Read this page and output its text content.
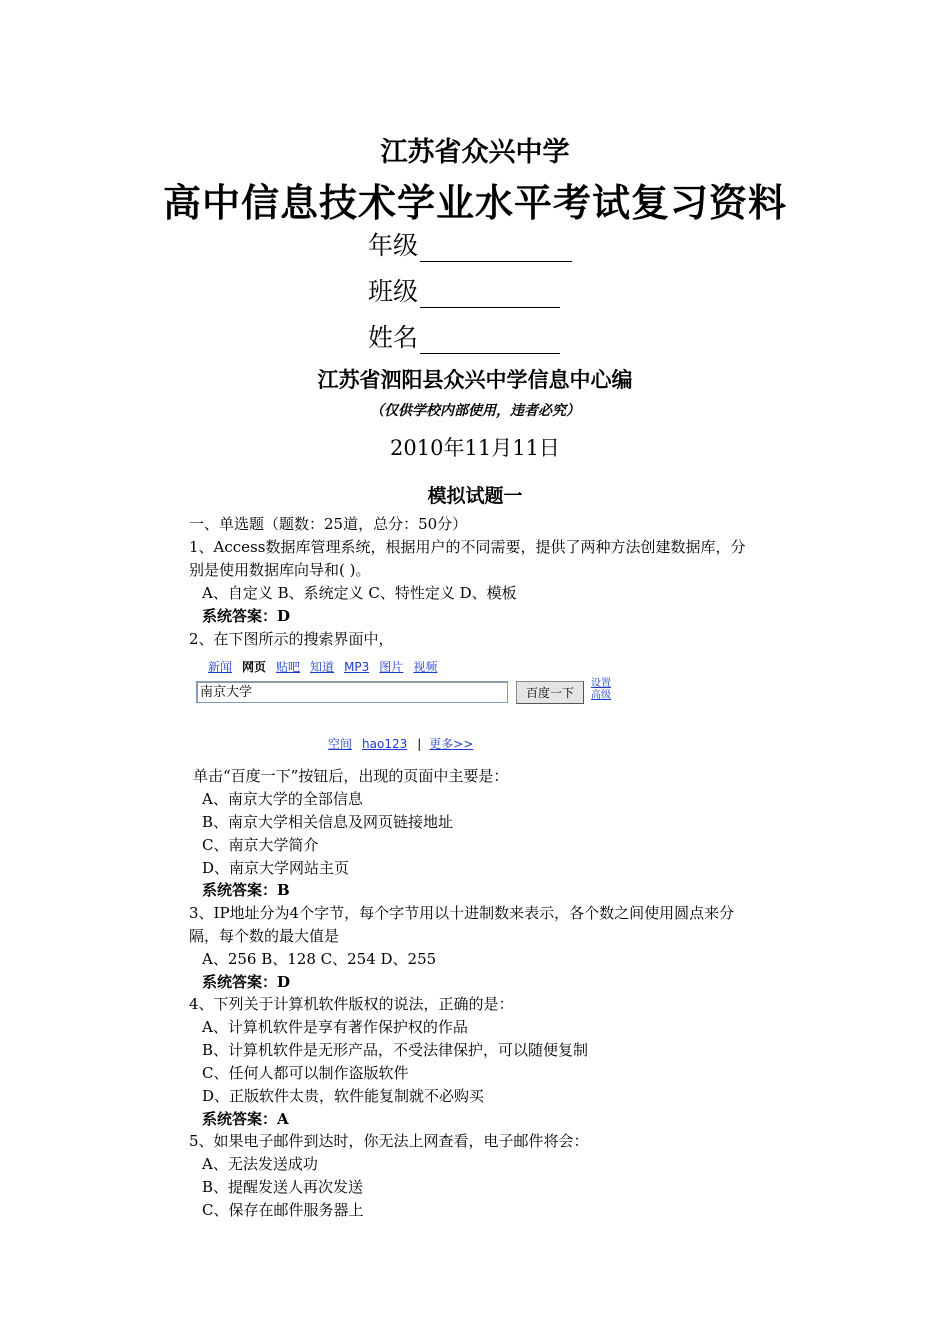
江苏省众兴中学
高中信息技术学业水平考试复习资料
年级
班级
姓名
江苏省泗阳县众兴中学信息中心编
（仅供学校内部使用，违者必究）
2010年11月11日
模拟试题一
一、单选题（题数：25道，总分：50分）
1、Access数据库管理系统，根据用户的不同需要，提供了两种方法创建数据库，分
别是使用数据库向导和( )。
A、自定义 B、系统定义 C、特性定义 D、模板
系统答案：D
2、在下图所示的搜索界面中，
新闻 网页 贴吧 知道 MP3 图片 视频
南京大学	百度一下
设置
高级
空间 hao123 | 更多>>
单击“百度一下”按钮后，出现的页面中主要是：
A、南京大学的全部信息
B、南京大学相关信息及网页链接地址
C、南京大学简介
D、南京大学网站主页
系统答案：B
3、IP地址分为4个字节，每个字节用以十进制数来表示，各个数之间使用圆点来分
隔，每个数的最大值是
A、256 B、128 C、254 D、255
系统答案：D
4、下列关于计算机软件版权的说法，正确的是：
A、计算机软件是享有著作保护权的作品
B、计算机软件是无形产品，不受法律保护，可以随便复制
C、任何人都可以制作盗版软件
D、正版软件太贵，软件能复制就不必购买
系统答案：A
5、如果电子邮件到达时，你无法上网查看，电子邮件将会：
A、无法发送成功
B、提醒发送人再次发送
C、保存在邮件服务器上
